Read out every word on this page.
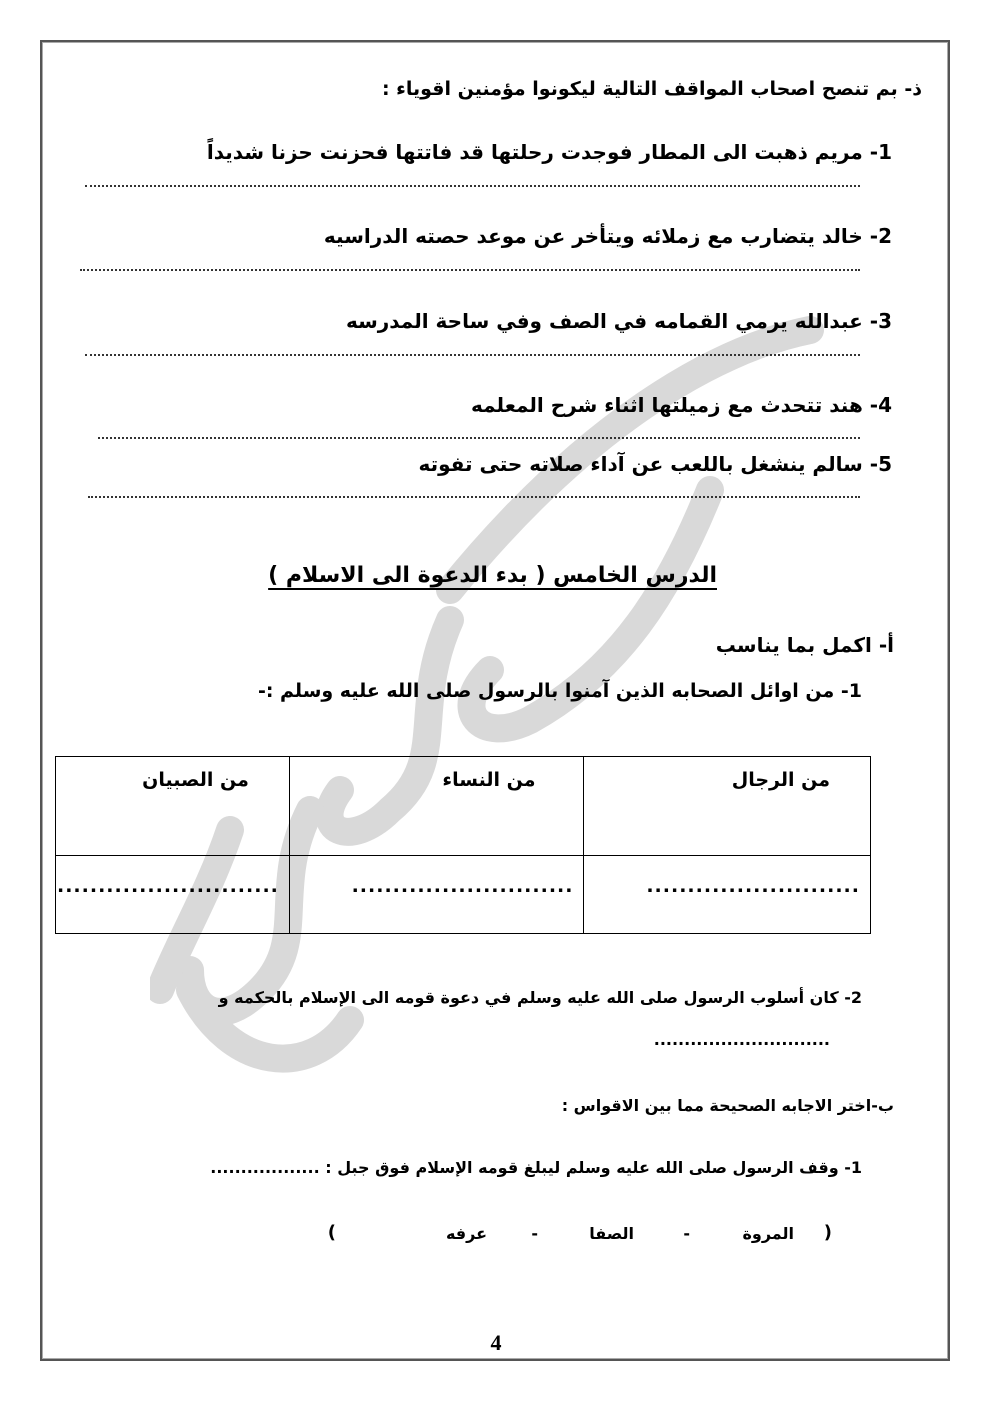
ذ- بم تنصح اصحاب المواقف التالية ليكونوا مؤمنين اقوياء :
1- مريم ذهبت الى المطار فوجدت رحلتها قد فاتتها فحزنت حزنا شديداً
2- خالد يتضارب مع زملائه ويتأخر عن موعد حصته الدراسيه
3- عبدالله يرمي القمامه في الصف وفي ساحة المدرسه
4- هند تتحدث مع زميلتها اثناء شرح المعلمه
5- سالم ينشغل باللعب عن آداء صلاته حتى تفوته
الدرس الخامس ( بدء الدعوة الى الاسلام )
أ- اكمل بما يناسب
1- من اوائل الصحابه الذين آمنوا بالرسول صلى الله عليه وسلم :-
من الرجال	من النساء	من الصبيان

..........................	...........................	...........................
2- كان أسلوب الرسول صلى الله عليه وسلم في دعوة قومه الى الإسلام بالحكمه و
.............................
ب-اختر الاجابه الصحيحة مما بين الاقواس :
1- وقف الرسول صلى الله عليه وسلم ليبلغ قومه الإسلام فوق جبل : ..................
(
المروة
-
الصفا
-
عرفه
)
4
